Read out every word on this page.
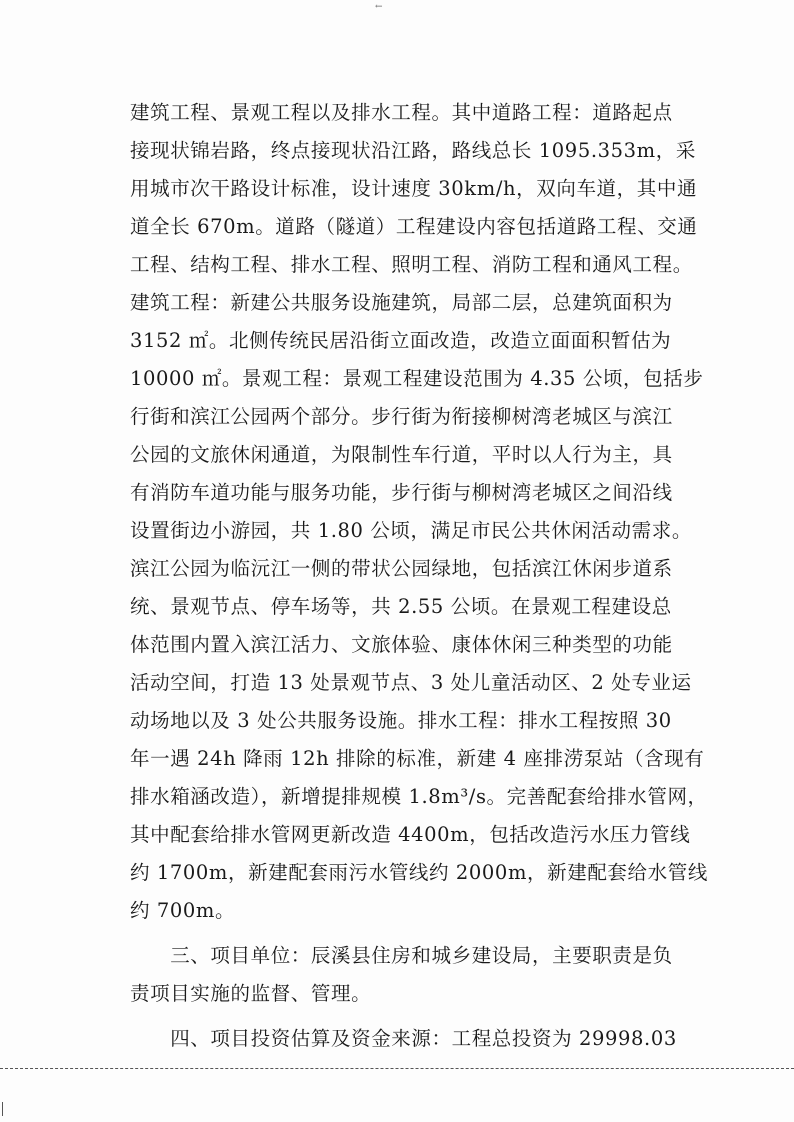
←
建筑工程、景观工程以及排水工程。其中道路工程：道路起点
接现状锦岩路，终点接现状沿江路，路线总长 1095.353m，采
用城市次干路设计标准，设计速度 30km/h，双向车道，其中通
道全长 670m。道路（隧道）工程建设内容包括道路工程、交通
工程、结构工程、排水工程、照明工程、消防工程和通风工程。
建筑工程：新建公共服务设施建筑，局部二层，总建筑面积为
3152 ㎡。北侧传统民居沿街立面改造，改造立面面积暂估为
10000 ㎡。景观工程：景观工程建设范围为 4.35 公顷，包括步
行街和滨江公园两个部分。步行街为衔接柳树湾老城区与滨江
公园的文旅休闲通道，为限制性车行道，平时以人行为主，具
有消防车道功能与服务功能，步行街与柳树湾老城区之间沿线
设置街边小游园，共 1.80 公顷，满足市民公共休闲活动需求。
滨江公园为临沅江一侧的带状公园绿地，包括滨江休闲步道系
统、景观节点、停车场等，共 2.55 公顷。在景观工程建设总
体范围内置入滨江活力、文旅体验、康体休闲三种类型的功能
活动空间，打造 13 处景观节点、3 处儿童活动区、2 处专业运
动场地以及 3 处公共服务设施。排水工程：排水工程按照 30
年一遇 24h 降雨 12h 排除的标准，新建 4 座排涝泵站（含现有
排水箱涵改造），新增提排规模 1.8m³/s。完善配套给排水管网，
其中配套给排水管网更新改造 4400m，包括改造污水压力管线
约 1700m，新建配套雨污水管线约 2000m，新建配套给水管线
约 700m。
　　三、项目单位：辰溪县住房和城乡建设局，主要职责是负
责项目实施的监督、管理。
　　四、项目投资估算及资金来源：工程总投资为 29998.03
